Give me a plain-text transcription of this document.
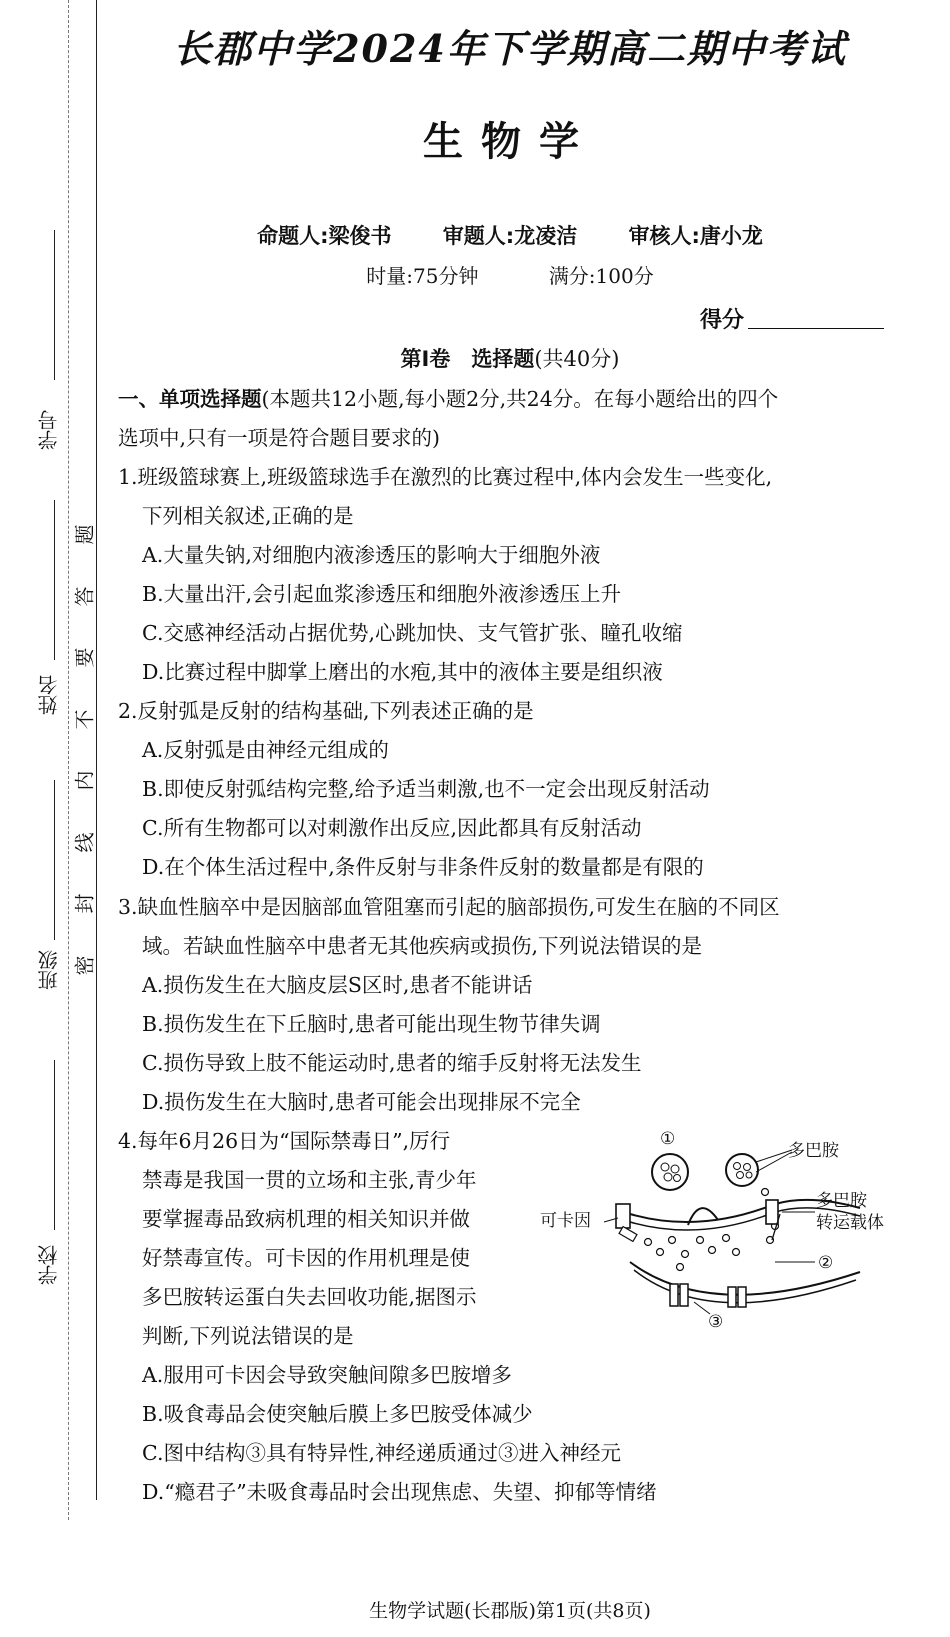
学号
姓名
班级
学校
题
答
要
不
内
线
封
密
长郡中学2024年下学期高二期中考试
生物学
命题人:梁俊书 审题人:龙凌洁 审核人:唐小龙
时量:75分钟	满分:100分
得分
第Ⅰ卷　选择题(共40分)
一、单项选择题(本题共12小题,每小题2分,共24分。在每小题给出的四个
选项中,只有一项是符合题目要求的)
1.班级篮球赛上,班级篮球选手在激烈的比赛过程中,体内会发生一些变化,
下列相关叙述,正确的是
A.大量失钠,对细胞内液渗透压的影响大于细胞外液
B.大量出汗,会引起血浆渗透压和细胞外液渗透压上升
C.交感神经活动占据优势,心跳加快、支气管扩张、瞳孔收缩
D.比赛过程中脚掌上磨出的水疱,其中的液体主要是组织液
2.反射弧是反射的结构基础,下列表述正确的是
A.反射弧是由神经元组成的
B.即使反射弧结构完整,给予适当刺激,也不一定会出现反射活动
C.所有生物都可以对刺激作出反应,因此都具有反射活动
D.在个体生活过程中,条件反射与非条件反射的数量都是有限的
3.缺血性脑卒中是因脑部血管阻塞而引起的脑部损伤,可发生在脑的不同区
域。若缺血性脑卒中患者无其他疾病或损伤,下列说法错误的是
A.损伤发生在大脑皮层S区时,患者不能讲话
B.损伤发生在下丘脑时,患者可能出现生物节律失调
C.损伤导致上肢不能运动时,患者的缩手反射将无法发生
D.损伤发生在大脑时,患者可能会出现排尿不完全
4.每年6月26日为“国际禁毒日”,厉行
禁毒是我国一贯的立场和主张,青少年
要掌握毒品致病机理的相关知识并做
好禁毒宣传。可卡因的作用机理是使
多巴胺转运蛋白失去回收功能,据图示
判断,下列说法错误的是
A.服用可卡因会导致突触间隙多巴胺增多
B.吸食毒品会使突触后膜上多巴胺受体减少
C.图中结构③具有特异性,神经递质通过③进入神经元
D.“瘾君子”未吸食毒品时会出现焦虑、失望、抑郁等情绪
①
②
③
多巴胺
多巴胺
转运载体
可卡因
生物学试题(长郡版)第1页(共8页)
